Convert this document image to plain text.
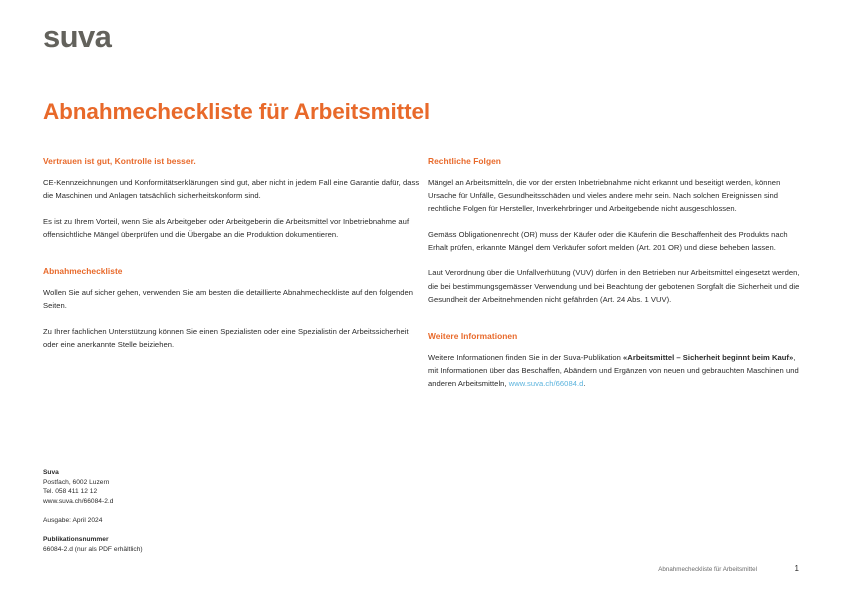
suva
Abnahmecheckliste für Arbeitsmittel
Vertrauen ist gut, Kontrolle ist besser.

CE-Kennzeichnungen und Konformitätserklärungen sind gut, aber nicht in jedem Fall eine Garantie dafür, dass die Maschinen und Anlagen tatsächlich sicherheitskonform sind.

Es ist zu Ihrem Vorteil, wenn Sie als Arbeitgeber oder Arbeitgeberin die Arbeitsmittel vor Inbetriebnahme auf offensichtliche Mängel überprüfen und die Übergabe an die Produktion dokumentieren.

Abnahmecheckliste

Wollen Sie auf sicher gehen, verwenden Sie am besten die detaillierte Abnahmecheckliste auf den folgenden Seiten.

Zu Ihrer fachlichen Unterstützung können Sie einen Spezialisten oder eine Spezialistin der Arbeitssicherheit oder eine anerkannte Stelle beiziehen.

Rechtliche Folgen

Mängel an Arbeitsmitteln, die vor der ersten Inbetriebnahme nicht erkannt und beseitigt werden, können Ursache für Unfälle, Gesundheitsschäden und vieles andere mehr sein. Nach solchen Ereignissen sind rechtliche Folgen für Hersteller, Inverkehrbringer und Arbeitgebende nicht ausgeschlossen.

Gemäss Obligationenrecht (OR) muss der Käufer oder die Käuferin die Beschaffenheit des Produkts nach Erhalt prüfen, erkannte Mängel dem Verkäufer sofort melden (Art. 201 OR) und diese beheben lassen.

Laut Verordnung über die Unfallverhütung (VUV) dürfen in den Betrieben nur Arbeitsmittel eingesetzt werden, die bei bestimmungsgemässer Verwendung und bei Beachtung der gebotenen Sorgfalt die Sicherheit und die Gesundheit der Arbeitnehmenden nicht gefährden (Art. 24 Abs. 1 VUV).

Weitere Informationen

Weitere Informationen finden Sie in der Suva-Publikation «Arbeitsmittel – Sicherheit beginnt beim Kauf», mit Informationen über das Beschaffen, Abändern und Ergänzen von neuen und gebrauchten Maschinen und anderen Arbeitsmitteln, www.suva.ch/66084.d.

Suva
Postfach, 6002 Luzern
Tel. 058 411 12 12
www.suva.ch/66084-2.d
Ausgabe: April 2024
Publikationsnummer
66084-2.d (nur als PDF erhältlich)
Abnahmecheckliste für Arbeitsmittel	1
